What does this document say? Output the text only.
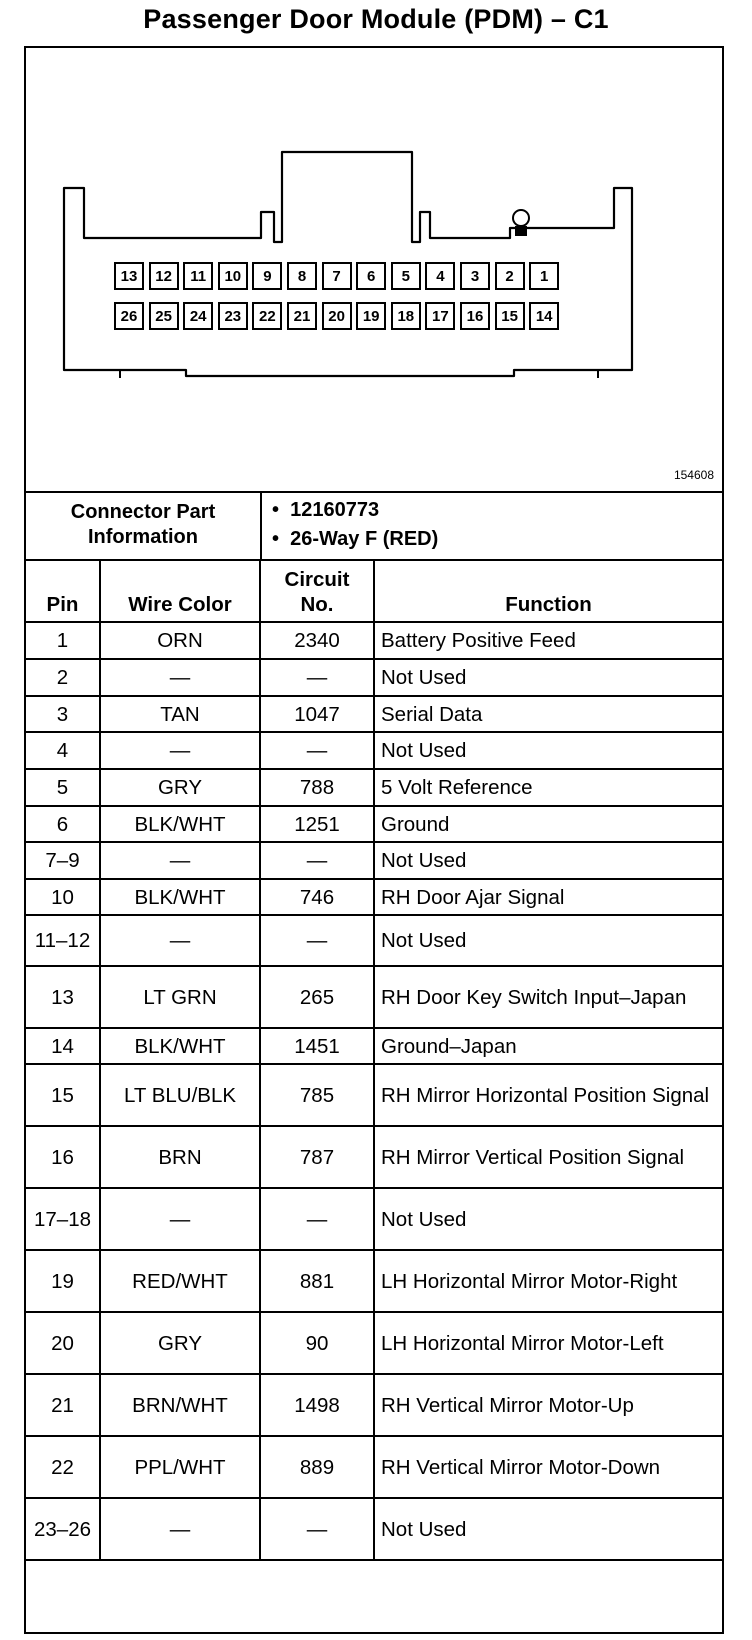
Passenger Door Module (PDM) – C1
154608
13	12	11	10	9	8	7	6	5	4	3	2	1
26	25	24	23	22	21	20	19	18	17	16	15	14
Connector Part Information
•  12160773
•  26-Way F (RED)
Pin	Wire Color	Circuit No.	Function
1	ORN	2340	Battery Positive Feed
2	—	—	Not Used
3	TAN	1047	Serial Data
4	—	—	Not Used
5	GRY	788	5 Volt Reference
6	BLK/WHT	1251	Ground
7–9	—	—	Not Used
10	BLK/WHT	746	RH Door Ajar Signal
11–12	—	—	Not Used
13	LT GRN	265	RH Door Key Switch Input–Japan
14	BLK/WHT	1451	Ground–Japan
15	LT BLU/BLK	785	RH Mirror Horizontal Position Signal
16	BRN	787	RH Mirror Vertical Position Signal
17–18	—	—	Not Used
19	RED/WHT	881	LH Horizontal Mirror Motor-Right
20	GRY	90	LH Horizontal Mirror Motor-Left
21	BRN/WHT	1498	RH Vertical Mirror Motor-Up
22	PPL/WHT	889	RH Vertical Mirror Motor-Down
23–26	—	—	Not Used
